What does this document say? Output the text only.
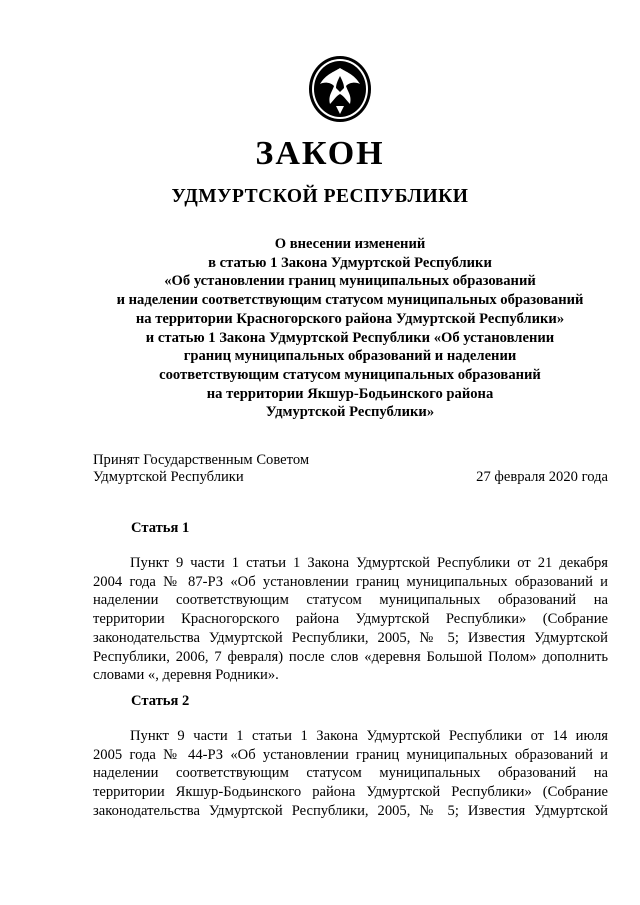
ЗАКОН
УДМУРТСКОЙ РЕСПУБЛИКИ
О внесении изменений
в статью 1 Закона Удмуртской Республики
«Об установлении границ муниципальных образований
и наделении соответствующим статусом муниципальных образований
на территории Красногорского района Удмуртской Республики»
и статью 1 Закона Удмуртской Республики «Об установлении
границ муниципальных образований и наделении
соответствующим статусом муниципальных образований
на территории Якшур-Бодьинского района
Удмуртской Республики»
Принят Государственным Советом
Удмуртской Республики	27 февраля 2020 года
Статья 1
Пункт 9 части 1 статьи 1 Закона Удмуртской Республики от 21 декабря
2004 года № 87-РЗ «Об установлении границ муниципальных образований и
наделении соответствующим статусом муниципальных образований на
территории Красногорского района Удмуртской Республики» (Собрание
законодательства Удмуртской Республики, 2005, № 5; Известия Удмуртской
Республики, 2006, 7 февраля) после слов «деревня Большой Полом» дополнить
словами «, деревня Родники».
Статья 2
Пункт 9 части 1 статьи 1 Закона Удмуртской Республики от 14 июля
2005 года № 44-РЗ «Об установлении границ муниципальных образований и
наделении соответствующим статусом муниципальных образований на
территории Якшур-Бодьинского района Удмуртской Республики» (Собрание
законодательства Удмуртской Республики, 2005, № 5; Известия Удмуртской
